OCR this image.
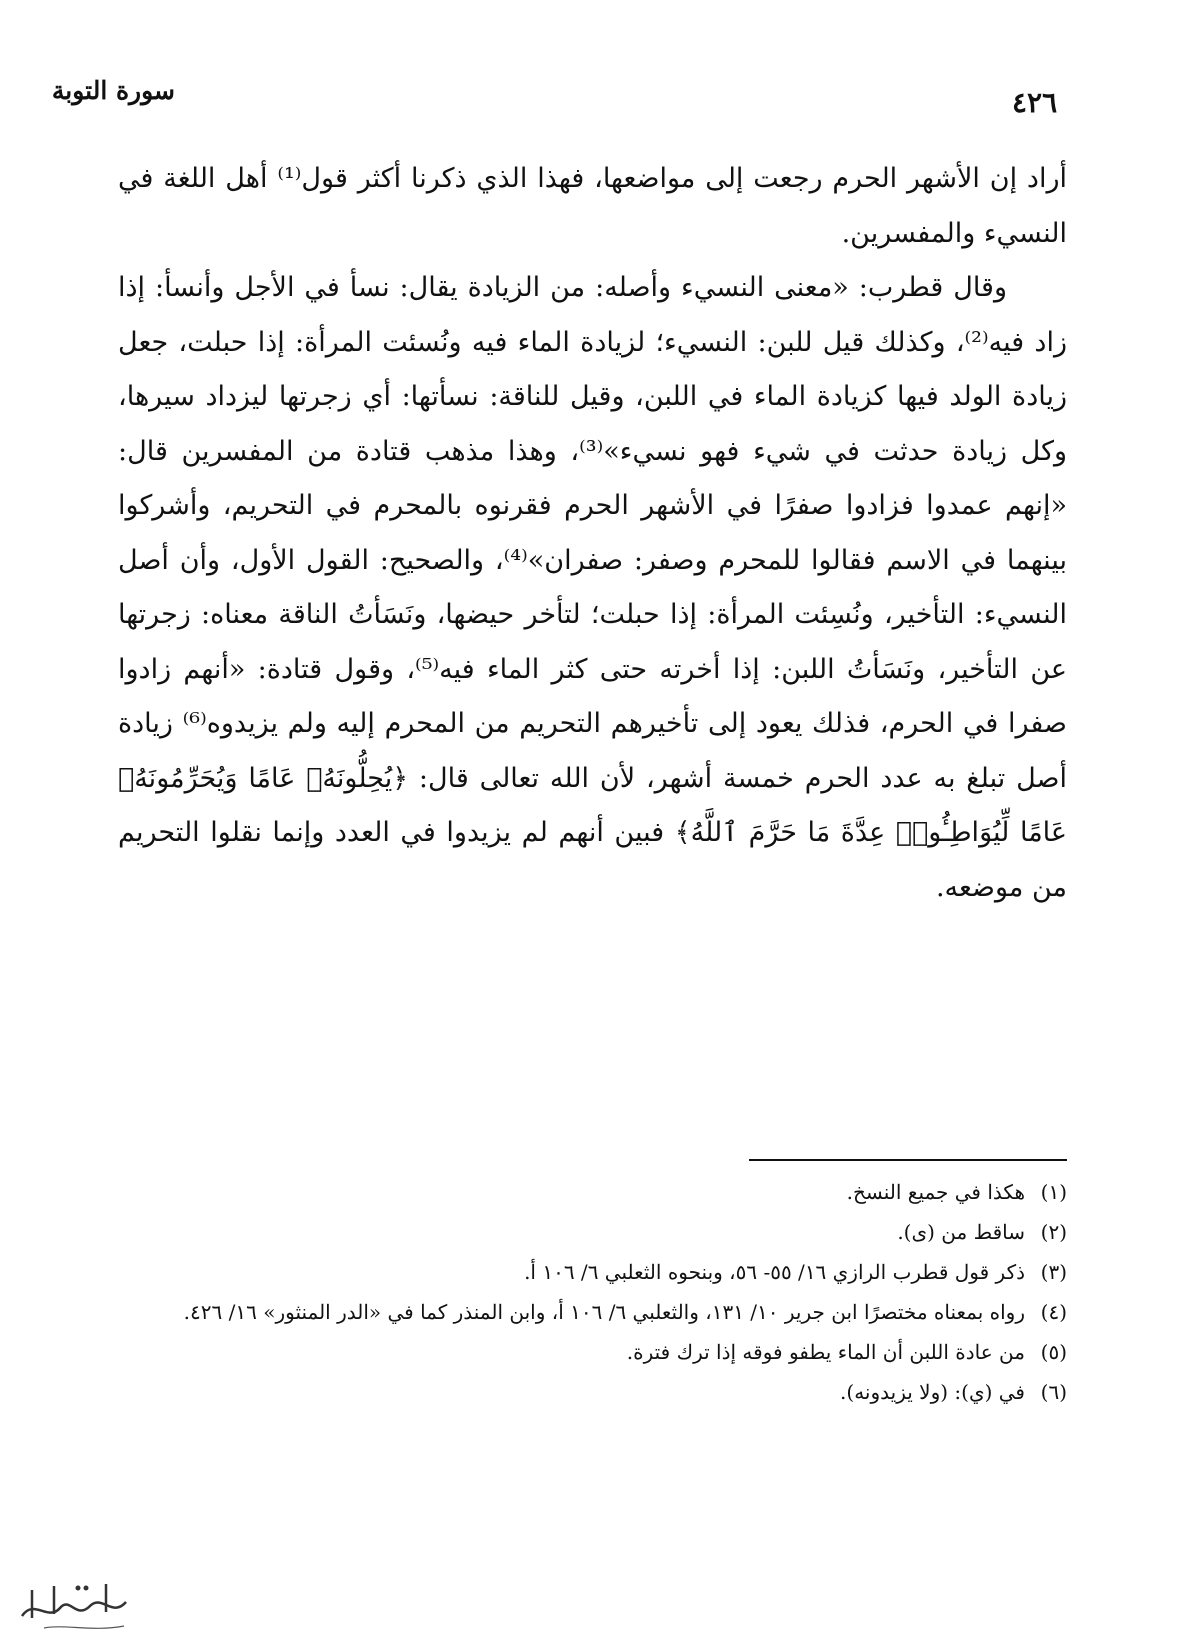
سورة التوبة	٤٢٦

أراد إن الأشهر الحرم رجعت إلى مواضعها، فهذا الذي ذكرنا أكثر قول⁽¹⁾ أهل اللغة في النسيء والمفسرين.

وقال قطرب: «معنى النسيء وأصله: من الزيادة يقال: نسأ في الأجل وأنسأ: إذا زاد فيه⁽²⁾، وكذلك قيل للبن: النسيء؛ لزيادة الماء فيه ونُسئت المرأة: إذا حبلت، جعل زيادة الولد فيها كزيادة الماء في اللبن، وقيل للناقة: نسأتها: أي زجرتها ليزداد سيرها، وكل زيادة حدثت في شيء فهو نسيء»⁽³⁾، وهذا مذهب قتادة من المفسرين قال: «إنهم عمدوا فزادوا صفرًا في الأشهر الحرم فقرنوه بالمحرم في التحريم، وأشركوا بينهما في الاسم فقالوا للمحرم وصفر: صفران»⁽⁴⁾، والصحيح: القول الأول، وأن أصل النسيء: التأخير، ونُسِئت المرأة: إذا حبلت؛ لتأخر حيضها، ونَسَأتُ الناقة معناه: زجرتها عن التأخير، ونَسَأتُ اللبن: إذا أخرته حتى كثر الماء فيه⁽⁵⁾، وقول قتادة: «أنهم زادوا صفرا في الحرم، فذلك يعود إلى تأخيرهم التحريم من المحرم إليه ولم يزيدوه⁽⁶⁾ زيادة أصل تبلغ به عدد الحرم خمسة أشهر، لأن الله تعالى قال: ﴿يُحِلُّونَهُۥ عَامًا وَيُحَرِّمُونَهُۥ عَامًا لِّيُوَاطِـُٔوا۟ عِدَّةَ مَا حَرَّمَ ٱللَّهُ﴾ فبين أنهم لم يزيدوا في العدد وإنما نقلوا التحريم من موضعه.

(١)
هكذا في جميع النسخ.
(٢)
ساقط من (ى).
(٣)
ذكر قول قطرب الرازي ١٦/ ٥٥- ٥٦، وبنحوه الثعلبي ٦/ ١٠٦ أ.
(٤)
رواه بمعناه مختصرًا ابن جرير ١٠/ ١٣١، والثعلبي ٦/ ١٠٦ أ، وابن المنذر كما في «الدر المنثور» ١٦/ ٤٢٦.
(٥)
من عادة اللبن أن الماء يطفو فوقه إذا ترك فترة.
(٦)
في (ي): (ولا يزيدونه).
